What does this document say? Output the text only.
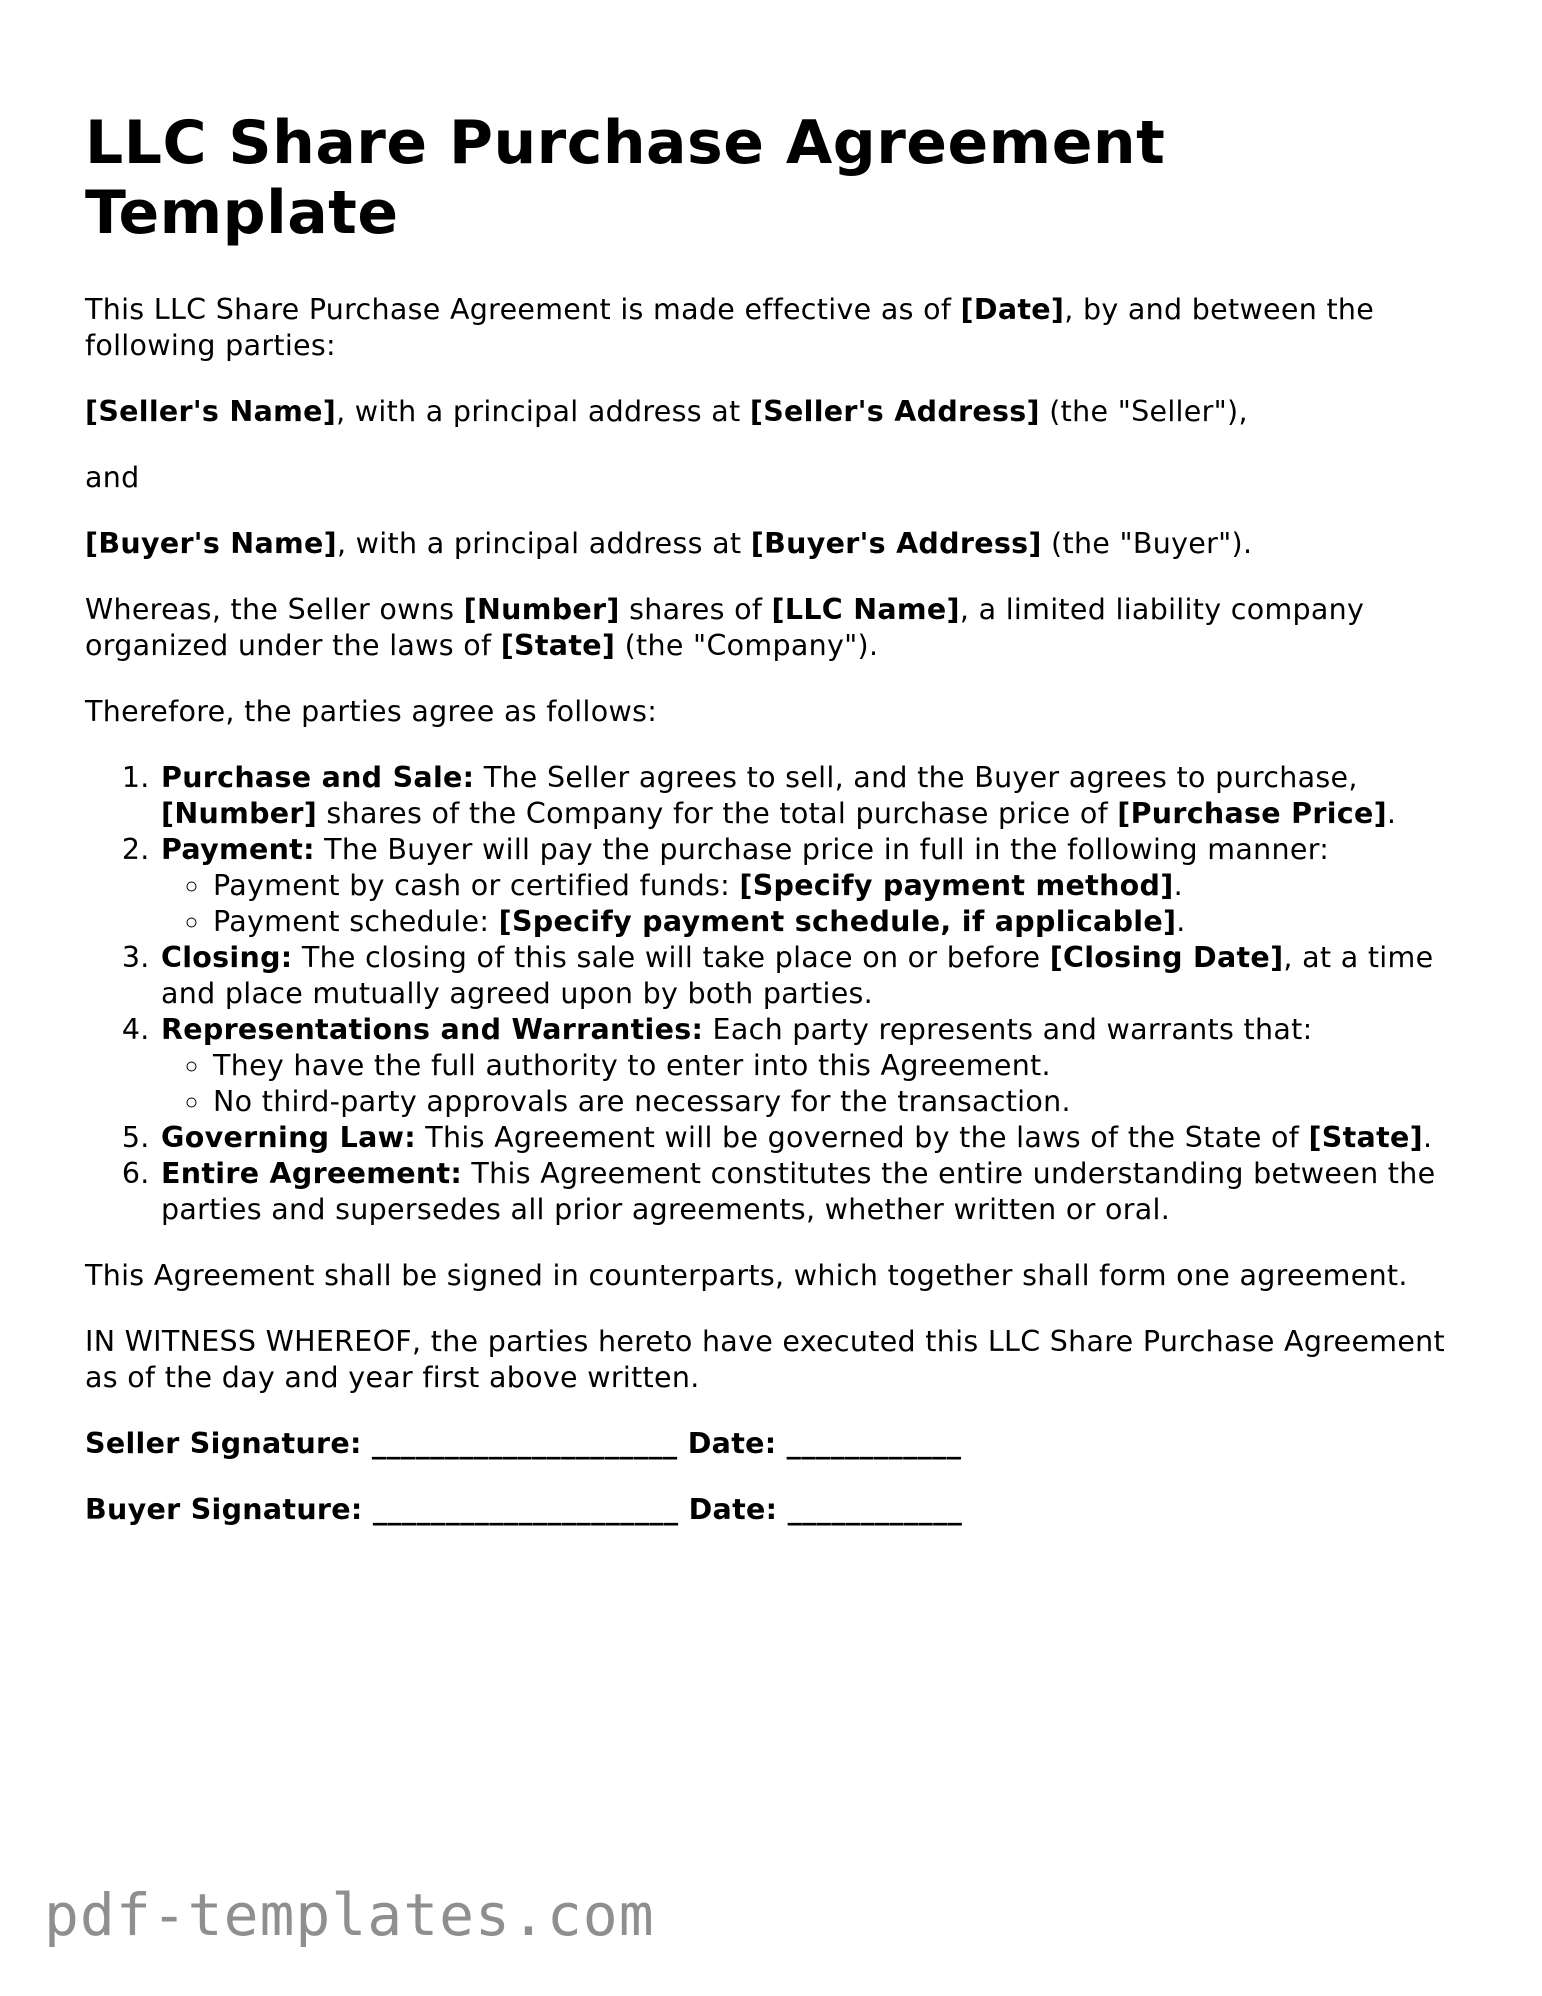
LLC Share Purchase Agreement Template

This LLC Share Purchase Agreement is made effective as of [Date], by and between the following parties:

[Seller's Name], with a principal address at [Seller's Address] (the "Seller"),

and

[Buyer's Name], with a principal address at [Buyer's Address] (the "Buyer").

Whereas, the Seller owns [Number] shares of [LLC Name], a limited liability company organized under the laws of [State] (the "Company").

Therefore, the parties agree as follows:

1. Purchase and Sale: The Seller agrees to sell, and the Buyer agrees to purchase, [Number] shares of the Company for the total purchase price of [Purchase Price].
2. Payment: The Buyer will pay the purchase price in full in the following manner:
◦ Payment by cash or certified funds: [Specify payment method].
◦ Payment schedule: [Specify payment schedule, if applicable].
3. Closing: The closing of this sale will take place on or before [Closing Date], at a time and place mutually agreed upon by both parties.
4. Representations and Warranties: Each party represents and warrants that:
◦ They have the full authority to enter into this Agreement.
◦ No third-party approvals are necessary for the transaction.
5. Governing Law: This Agreement will be governed by the laws of the State of [State].
6. Entire Agreement: This Agreement constitutes the entire understanding between the parties and supersedes all prior agreements, whether written or oral.

This Agreement shall be signed in counterparts, which together shall form one agreement.

IN WITNESS WHEREOF, the parties hereto have executed this LLC Share Purchase Agreement as of the day and year first above written.

Seller Signature: _____________________ Date: ____________

Buyer Signature: _____________________ Date: ____________

pdf-templates.com
